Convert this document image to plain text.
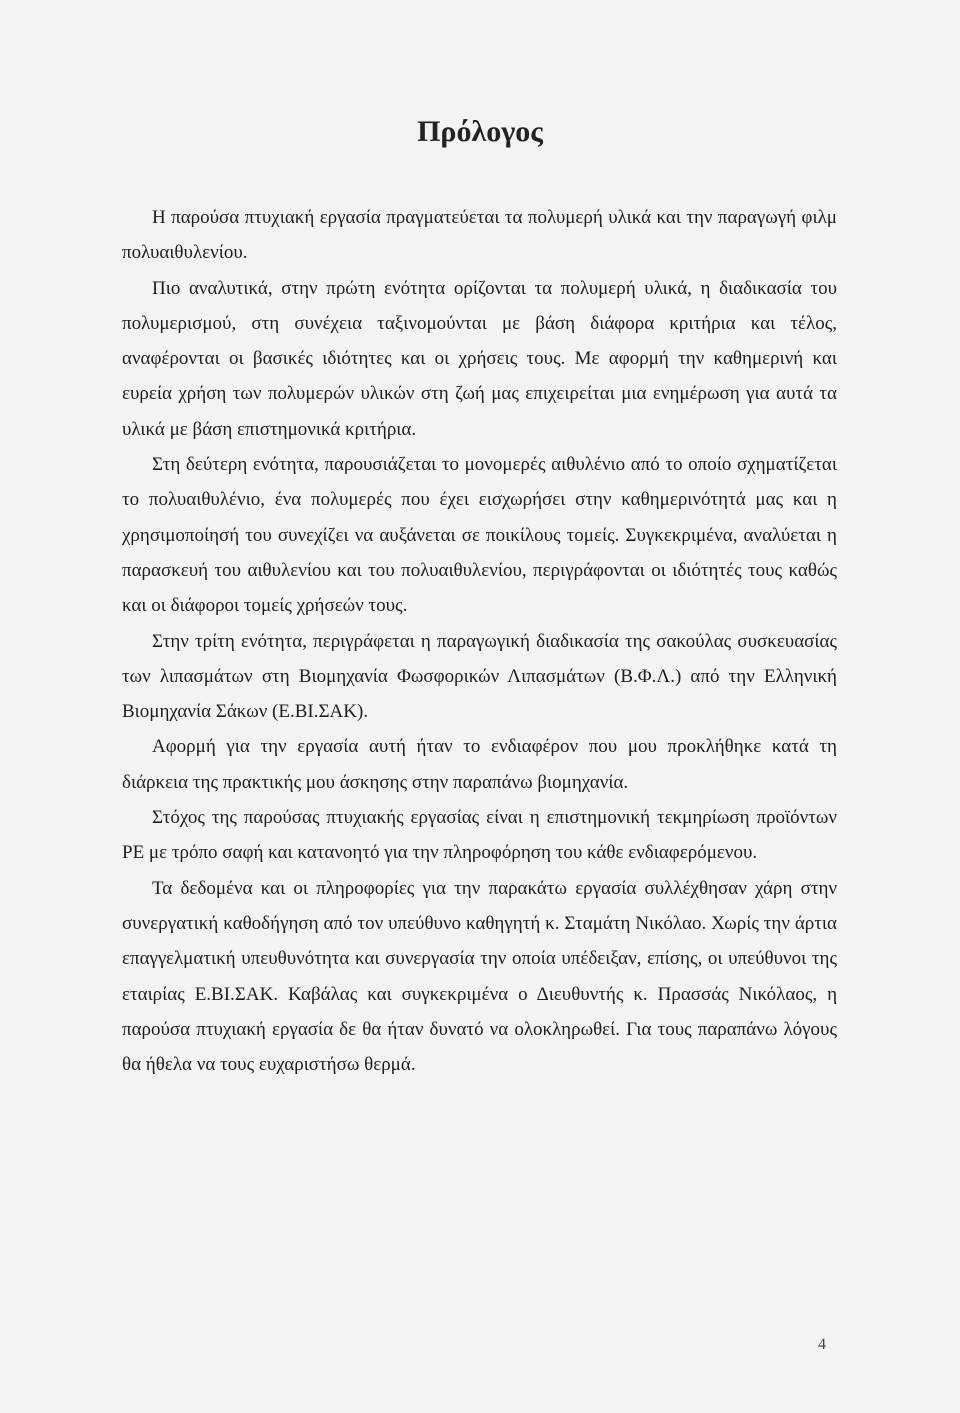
Πρόλογος

Η παρούσα πτυχιακή εργασία πραγματεύεται τα πολυμερή υλικά και την παραγωγή φιλμ πολυαιθυλενίου.

Πιο αναλυτικά, στην πρώτη ενότητα ορίζονται τα πολυμερή υλικά, η διαδικασία του πολυμερισμού, στη συνέχεια ταξινομούνται με βάση διάφορα κριτήρια και τέλος, αναφέρονται οι βασικές ιδιότητες και οι χρήσεις τους. Με αφορμή την καθημερινή και ευρεία χρήση των πολυμερών υλικών στη ζωή μας επιχειρείται μια ενημέρωση για αυτά τα υλικά με βάση επιστημονικά κριτήρια.

Στη δεύτερη ενότητα, παρουσιάζεται το μονομερές αιθυλένιο από το οποίο σχηματίζεται το πολυαιθυλένιο, ένα πολυμερές που έχει εισχωρήσει στην καθημερινότητά μας και η χρησιμοποίησή του συνεχίζει να αυξάνεται σε ποικίλους τομείς. Συγκεκριμένα, αναλύεται η παρασκευή του αιθυλενίου και του πολυαιθυλενίου, περιγράφονται οι ιδιότητές τους καθώς και οι διάφοροι τομείς χρήσεών τους.

Στην τρίτη ενότητα, περιγράφεται η παραγωγική διαδικασία της σακούλας συσκευασίας των λιπασμάτων στη Βιομηχανία Φωσφορικών Λιπασμάτων (Β.Φ.Λ.) από την Ελληνική Βιομηχανία Σάκων (Ε.ΒΙ.ΣΑΚ).

Αφορμή για την εργασία αυτή ήταν το ενδιαφέρον που μου προκλήθηκε κατά τη διάρκεια της πρακτικής μου άσκησης στην παραπάνω βιομηχανία.

Στόχος της παρούσας πτυχιακής εργασίας είναι η επιστημονική τεκμηρίωση προϊόντων ΡΕ με τρόπο σαφή και κατανοητό για την πληροφόρηση του κάθε ενδιαφερόμενου.

Τα δεδομένα και οι πληροφορίες για την παρακάτω εργασία συλλέχθησαν χάρη στην συνεργατική καθοδήγηση από τον υπεύθυνο καθηγητή κ. Σταμάτη Νικόλαο. Χωρίς την άρτια επαγγελματική υπευθυνότητα και συνεργασία την οποία υπέδειξαν, επίσης, οι υπεύθυνοι της εταιρίας Ε.ΒΙ.ΣΑΚ. Καβάλας και συγκεκριμένα ο Διευθυντής κ. Πρασσάς Νικόλαος, η παρούσα πτυχιακή εργασία δε θα ήταν δυνατό να ολοκληρωθεί. Για τους παραπάνω λόγους θα ήθελα να τους ευχαριστήσω θερμά.

4
